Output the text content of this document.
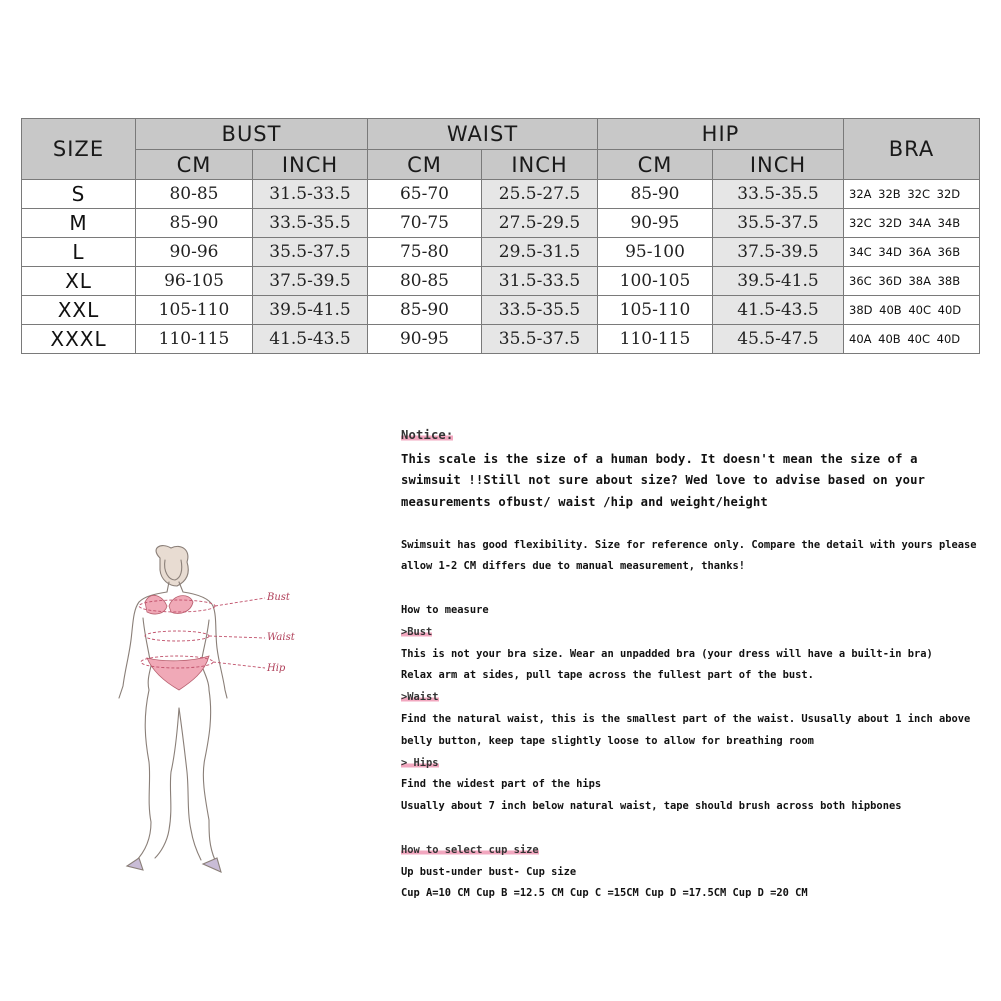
SIZE	BUST		WAIST		HIP		BRA
	CM	INCH	CM	INCH	CM	INCH	
S	80-85	31.5-33.5	65-70	25.5-27.5	85-90	33.5-35.5	32A 32B 32C 32D
M	85-90	33.5-35.5	70-75	27.5-29.5	90-95	35.5-37.5	32C 32D 34A 34B
L	90-96	35.5-37.5	75-80	29.5-31.5	95-100	37.5-39.5	34C 34D 36A 36B
XL	96-105	37.5-39.5	80-85	31.5-33.5	100-105	39.5-41.5	36C 36D 38A 38B
XXL	105-110	39.5-41.5	85-90	33.5-35.5	105-110	41.5-43.5	38D 40B 40C 40D
XXXL	110-115	41.5-43.5	90-95	35.5-37.5	110-115	45.5-47.5	40A 40B 40C 40D
Bust
Waist
Hip
Notice:
This scale is the size of a human body. It doesn't mean the size of a
swimsuit !!Still not sure about size? Wed love to advise based on your
measurements ofbust/ waist /hip and weight/height
Swimsuit has good flexibility. Size for reference only. Compare the detail with yours please
allow 1-2 CM differs due to manual measurement, thanks!
How to measure
>Bust
This is not your bra size. Wear an unpadded bra (your dress will have a built-in bra)
Relax arm at sides, pull tape across the fullest part of the bust.
>Waist
Find the natural waist, this is the smallest part of the waist. Ususally about 1 inch above
belly button, keep tape slightly loose to allow for breathing room
> Hips
Find the widest part of the hips
Usually about 7 inch below natural waist, tape should brush across both hipbones
How to select cup size
Up bust-under bust- Cup size
Cup A=10 CM Cup B =12.5 CM Cup C =15CM Cup D =17.5CM Cup D =20 CM
